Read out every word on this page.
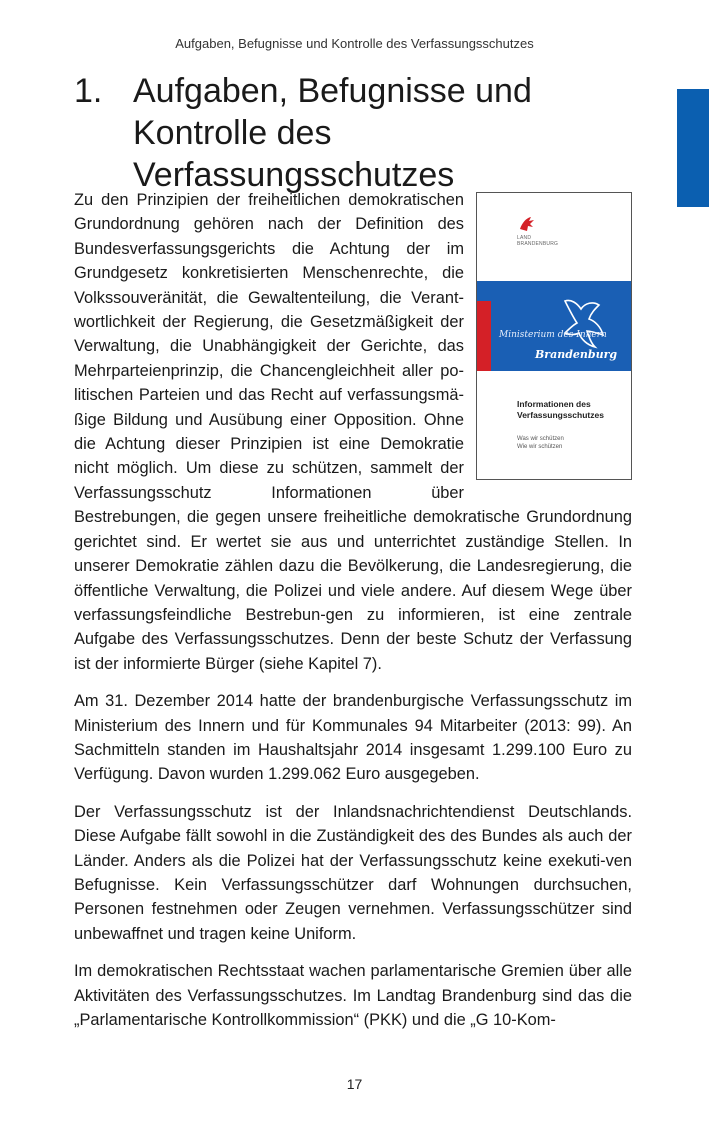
Aufgaben, Befugnisse und Kontrolle des Verfassungsschutzes
1. Aufgaben, Befugnisse und Kontrolle des Verfassungsschutzes
LAND
BRANDENBURG
Ministerium des Innern
Brandenburg
Informationen des
Verfassungsschutzes
Was wir schützen
Wie wir schützen

Zu den Prinzipien der freiheitlichen demokratischen Grundordnung gehören nach der Definition des Bundesverfassungsgerichts die Achtung der im Grundgesetz konkretisierten Menschenrechte, die Volkssouveränität, die Gewaltenteilung, die Verant-wortlichkeit der Regierung, die Gesetzmäßigkeit der Verwaltung, die Unabhängigkeit der Gerichte, das Mehrparteienprinzip, die Chancengleichheit aller po-litischen Parteien und das Recht auf verfassungsmä-ßige Bildung und Ausübung einer Opposition. Ohne die Achtung dieser Prinzipien ist eine Demokratie nicht möglich. Um diese zu schützen, sammelt der Verfassungsschutz Informationen über Bestrebungen, die gegen unsere freiheitliche demokratische Grundordnung gerichtet sind. Er wertet sie aus und unterrichtet zuständige Stellen. In unserer Demokratie zählen dazu die Bevölkerung, die Landesregierung, die öffentliche Verwaltung, die Polizei und viele andere. Auf diesem Wege über verfassungsfeindliche Bestrebun-gen zu informieren, ist eine zentrale Aufgabe des Verfassungsschutzes. Denn der beste Schutz der Verfassung ist der informierte Bürger (siehe Kapitel 7).

Am 31. Dezember 2014 hatte der brandenburgische Verfassungsschutz im Ministerium des Innern und für Kommunales 94 Mitarbeiter (2013: 99). An Sachmitteln standen im Haushaltsjahr 2014 insgesamt 1.299.100 Euro zu Verfügung. Davon wurden 1.299.062 Euro ausgegeben.

Der Verfassungsschutz ist der Inlandsnachrichtendienst Deutschlands. Diese Aufgabe fällt sowohl in die Zuständigkeit des des Bundes als auch der Länder. Anders als die Polizei hat der Verfassungsschutz keine exekuti-ven Befugnisse. Kein Verfassungsschützer darf Wohnungen durchsuchen, Personen festnehmen oder Zeugen vernehmen. Verfassungsschützer sind unbewaffnet und tragen keine Uniform.

Im demokratischen Rechtsstaat wachen parlamentarische Gremien über alle Aktivitäten des Verfassungsschutzes. Im Landtag Brandenburg sind das die „Parlamentarische Kontrollkommission“ (PKK) und die „G 10-Kom-

17
